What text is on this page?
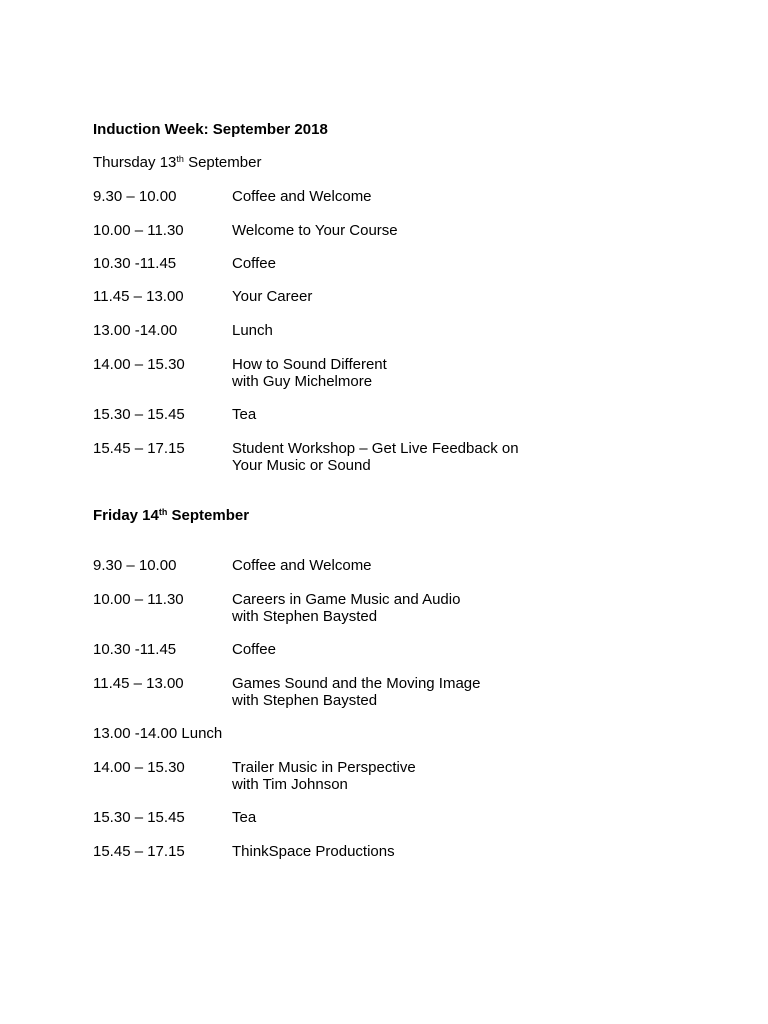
Induction Week: September 2018
Thursday 13th September
9.30 – 10.00	Coffee and Welcome
10.00 – 11.30	Welcome to Your Course
10.30 -11.45	Coffee
11.45 – 13.00	Your Career
13.00 -14.00	Lunch
14.00 – 15.30	How to Sound Different
with Guy Michelmore
15.30 – 15.45	Tea
15.45 – 17.15	Student Workshop – Get Live Feedback on
Your Music or Sound
Friday 14th September
9.30 – 10.00	Coffee and Welcome
10.00 – 11.30	Careers in Game Music and Audio
with Stephen Baysted
10.30 -11.45	Coffee
11.45 – 13.00	Games Sound and the Moving Image
with Stephen Baysted
13.00 -14.00 Lunch
14.00 – 15.30	Trailer Music in Perspective
with Tim Johnson
15.30 – 15.45	Tea
15.45 – 17.15	ThinkSpace Productions
